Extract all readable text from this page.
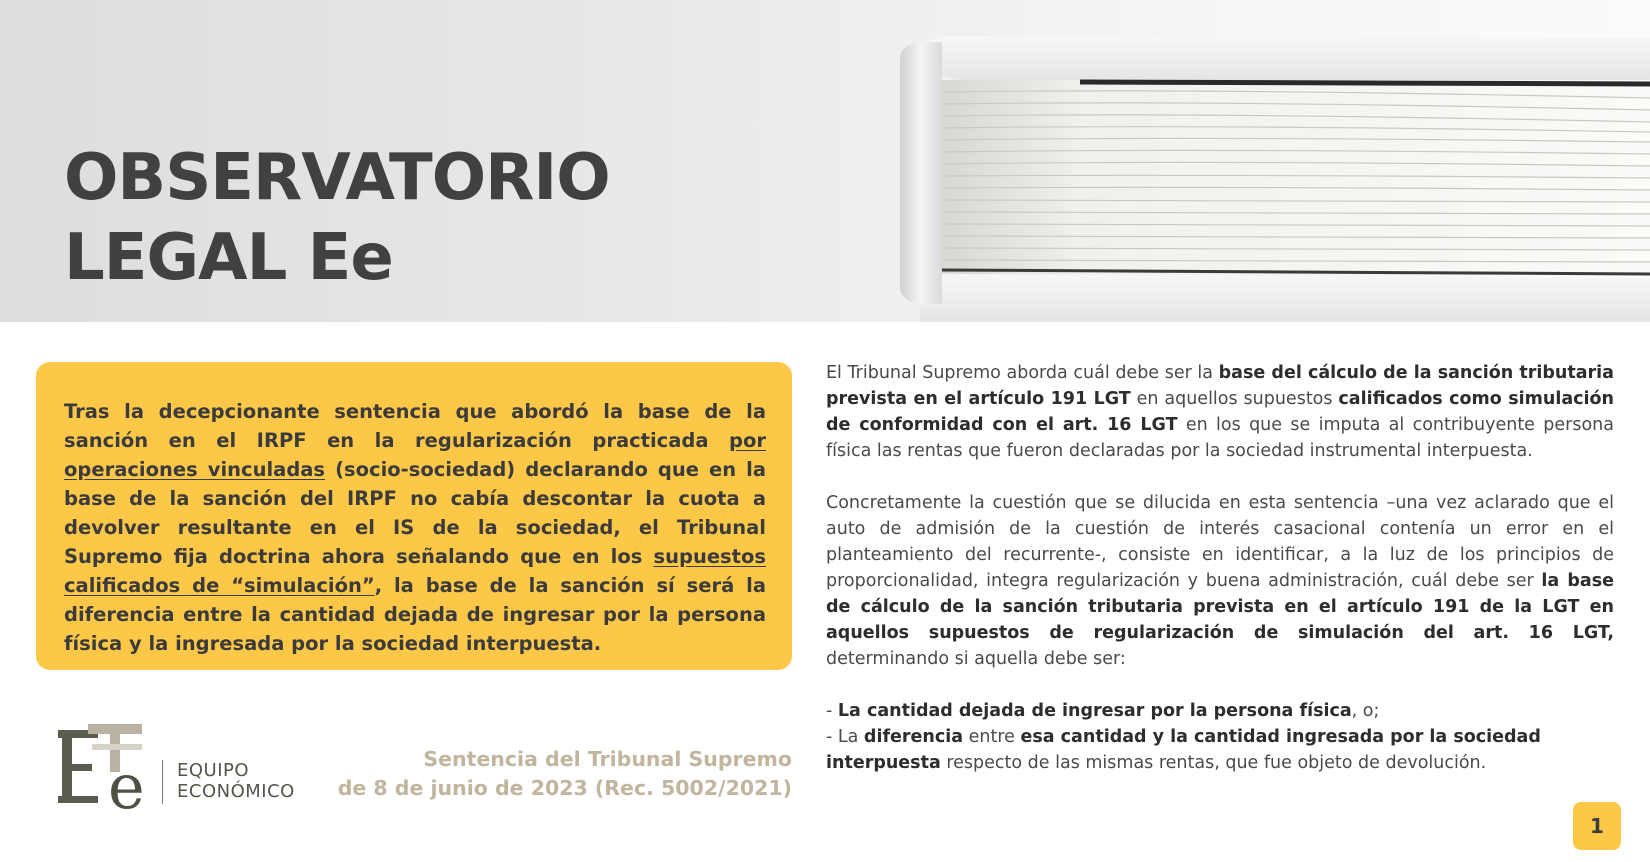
OBSERVATORIO
LEGAL Ee

Tras la decepcionante sentencia que abordó la base de la sanción en el IRPF en la regularización practicada por operaciones vinculadas (socio-sociedad) declarando que en la base de la sanción del IRPF no cabía descontar la cuota a devolver resultante en el IS de la sociedad, el Tribunal Supremo fija doctrina ahora señalando que en los supuestos calificados de “simulación”, la base de la sanción sí será la diferencia entre la cantidad dejada de ingresar por la persona física y la ingresada por la sociedad interpuesta.

e EQUIPO
ECONÓMICO
Sentencia del Tribunal Supremo
de 8 de junio de 2023 (Rec. 5002/2021)

El Tribunal Supremo aborda cuál debe ser la base del cálculo de la sanción tributaria prevista en el artículo 191 LGT en aquellos supuestos calificados como simulación de conformidad con el art. 16 LGT en los que se imputa al contribuyente persona física las rentas que fueron declaradas por la sociedad instrumental interpuesta.

Concretamente la cuestión que se dilucida en esta sentencia –una vez aclarado que el auto de admisión de la cuestión de interés casacional contenía un error en el planteamiento del recurrente-, consiste en identificar, a la luz de los principios de proporcionalidad, integra regularización y buena administración, cuál debe ser la base de cálculo de la sanción tributaria prevista en el artículo 191 de la LGT en aquellos supuestos de regularización de simulación del art. 16 LGT, determinando si aquella debe ser:

- La cantidad dejada de ingresar por la persona física, o;
- La diferencia entre esa cantidad y la cantidad ingresada por la sociedad interpuesta respecto de las mismas rentas, que fue objeto de devolución.
1
